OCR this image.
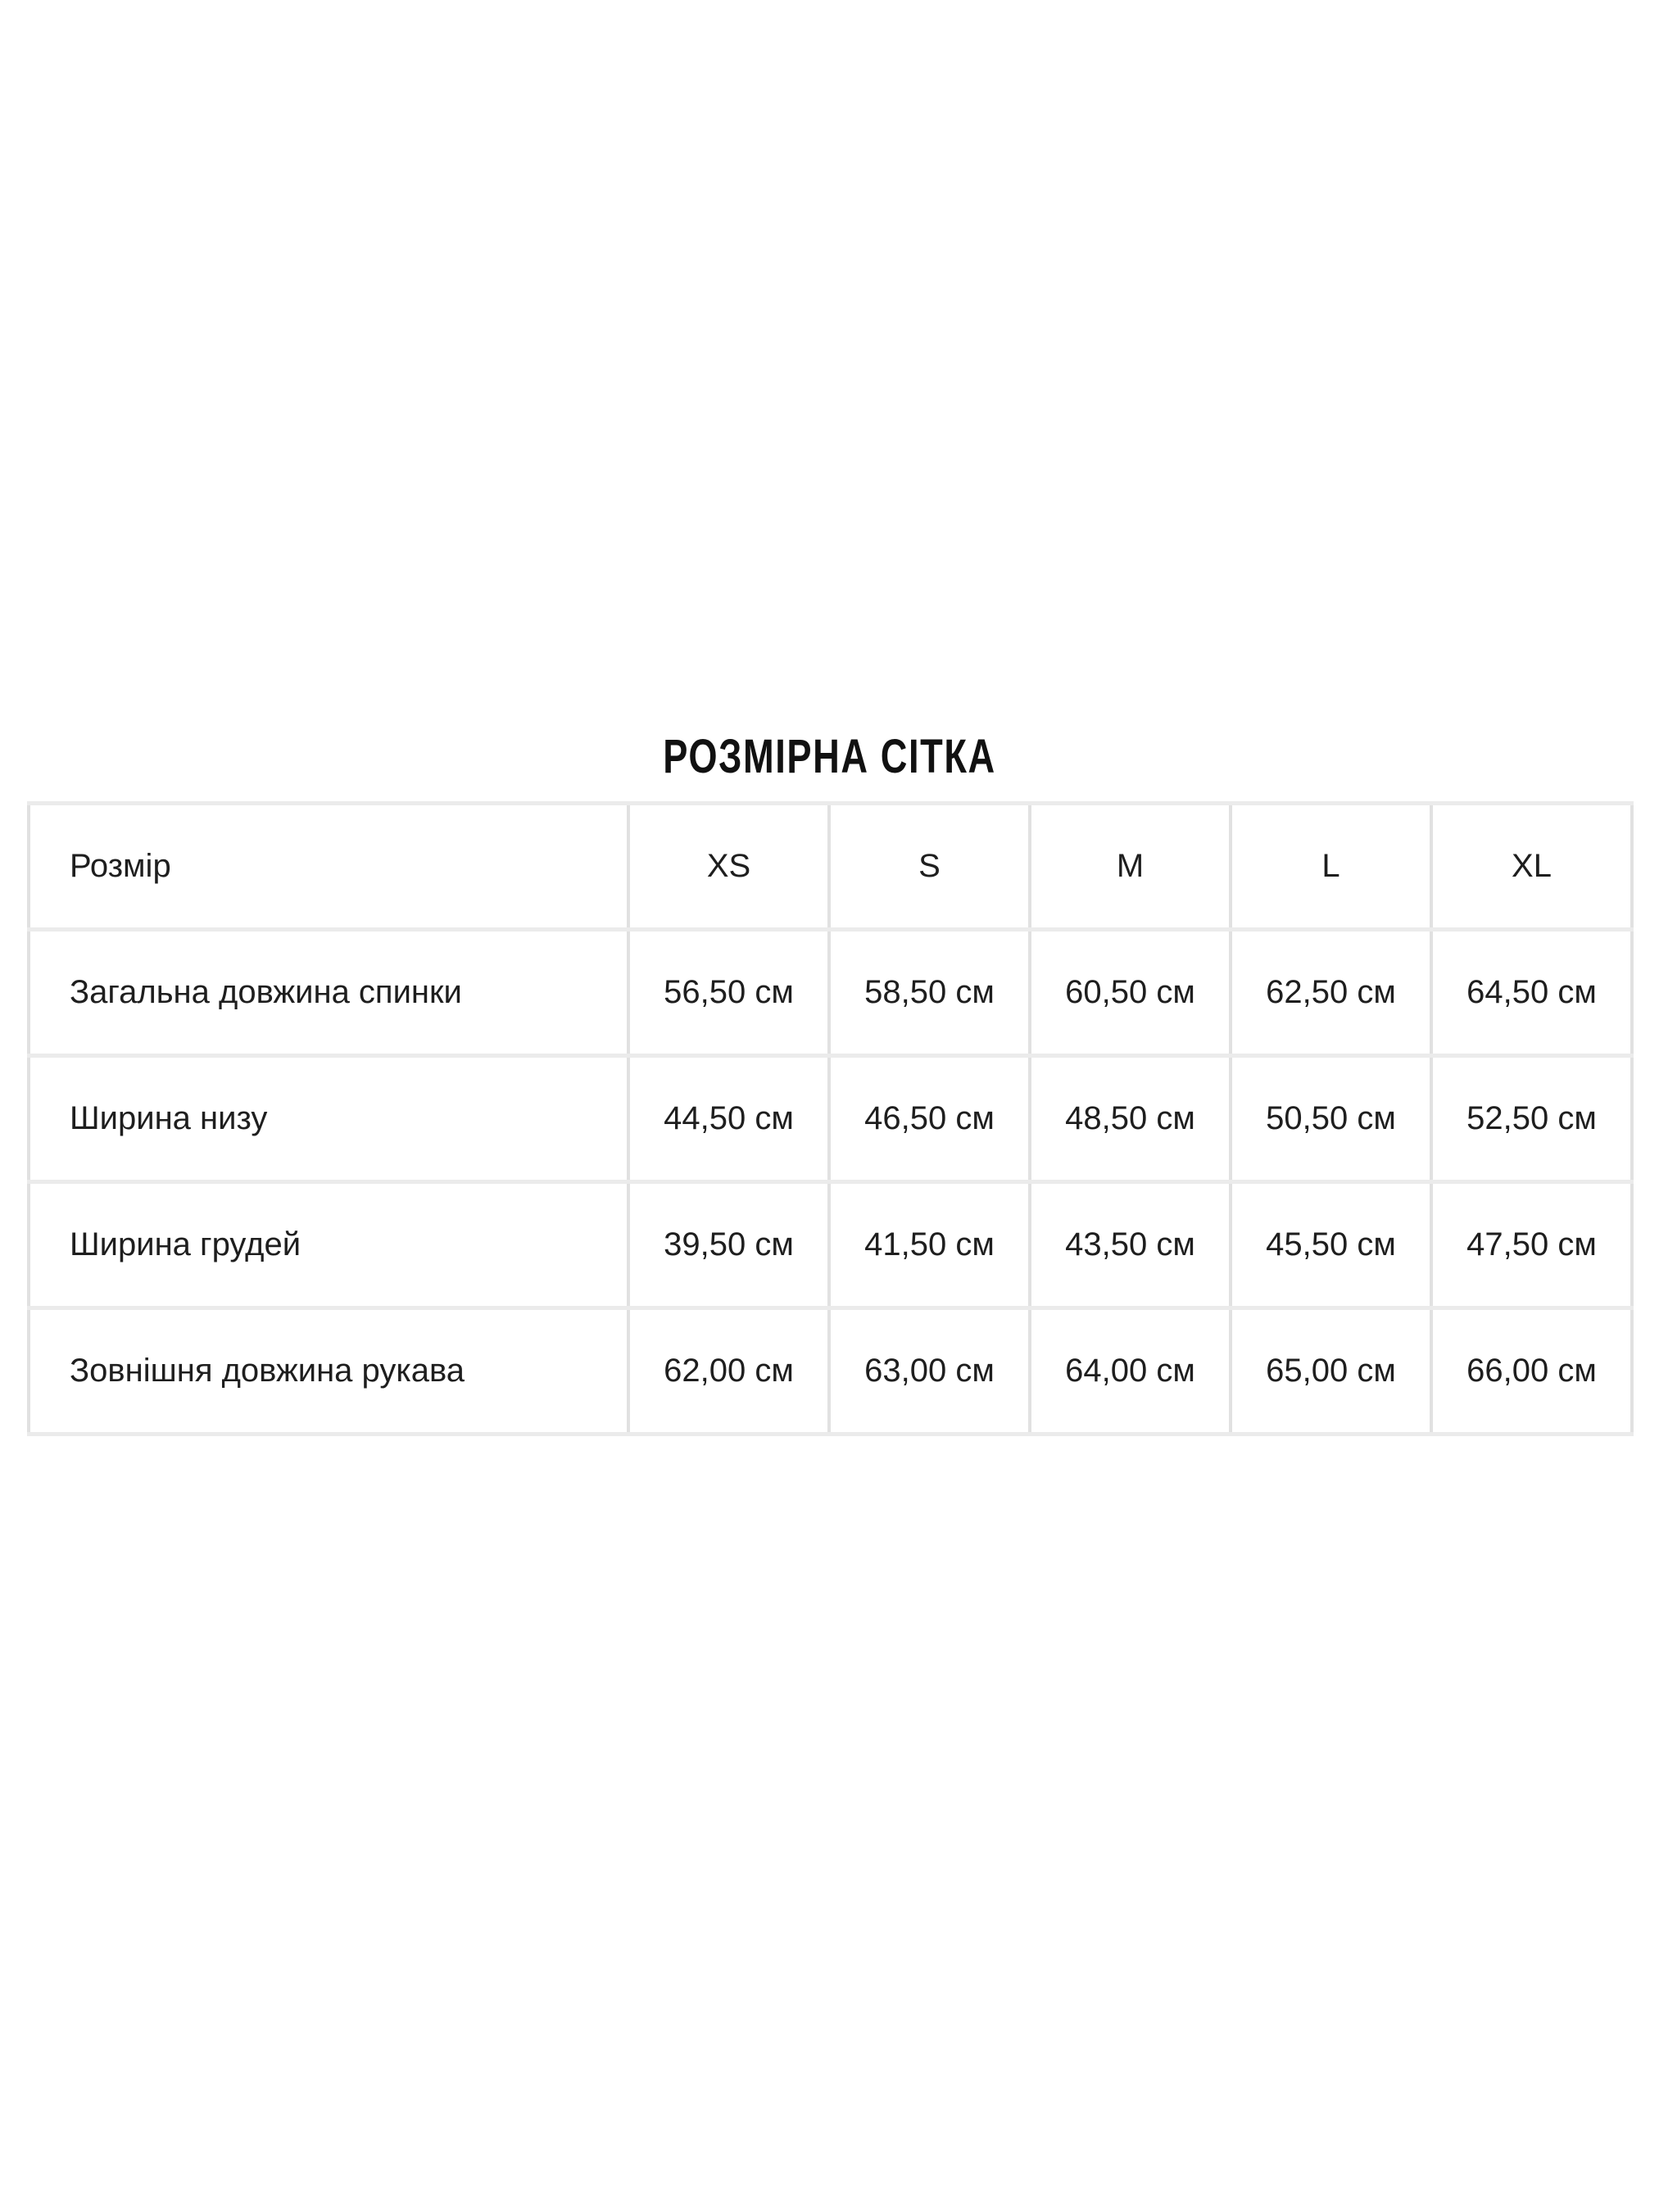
РОЗМІРНА СІТКА
Розмір	XS	S	M	L	XL
Загальна довжина спинки	56,50 см	58,50 см	60,50 см	62,50 см	64,50 см
Ширина низу	44,50 см	46,50 см	48,50 см	50,50 см	52,50 см
Ширина грудей	39,50 см	41,50 см	43,50 см	45,50 см	47,50 см
Зовнішня довжина рукава	62,00 см	63,00 см	64,00 см	65,00 см	66,00 см
